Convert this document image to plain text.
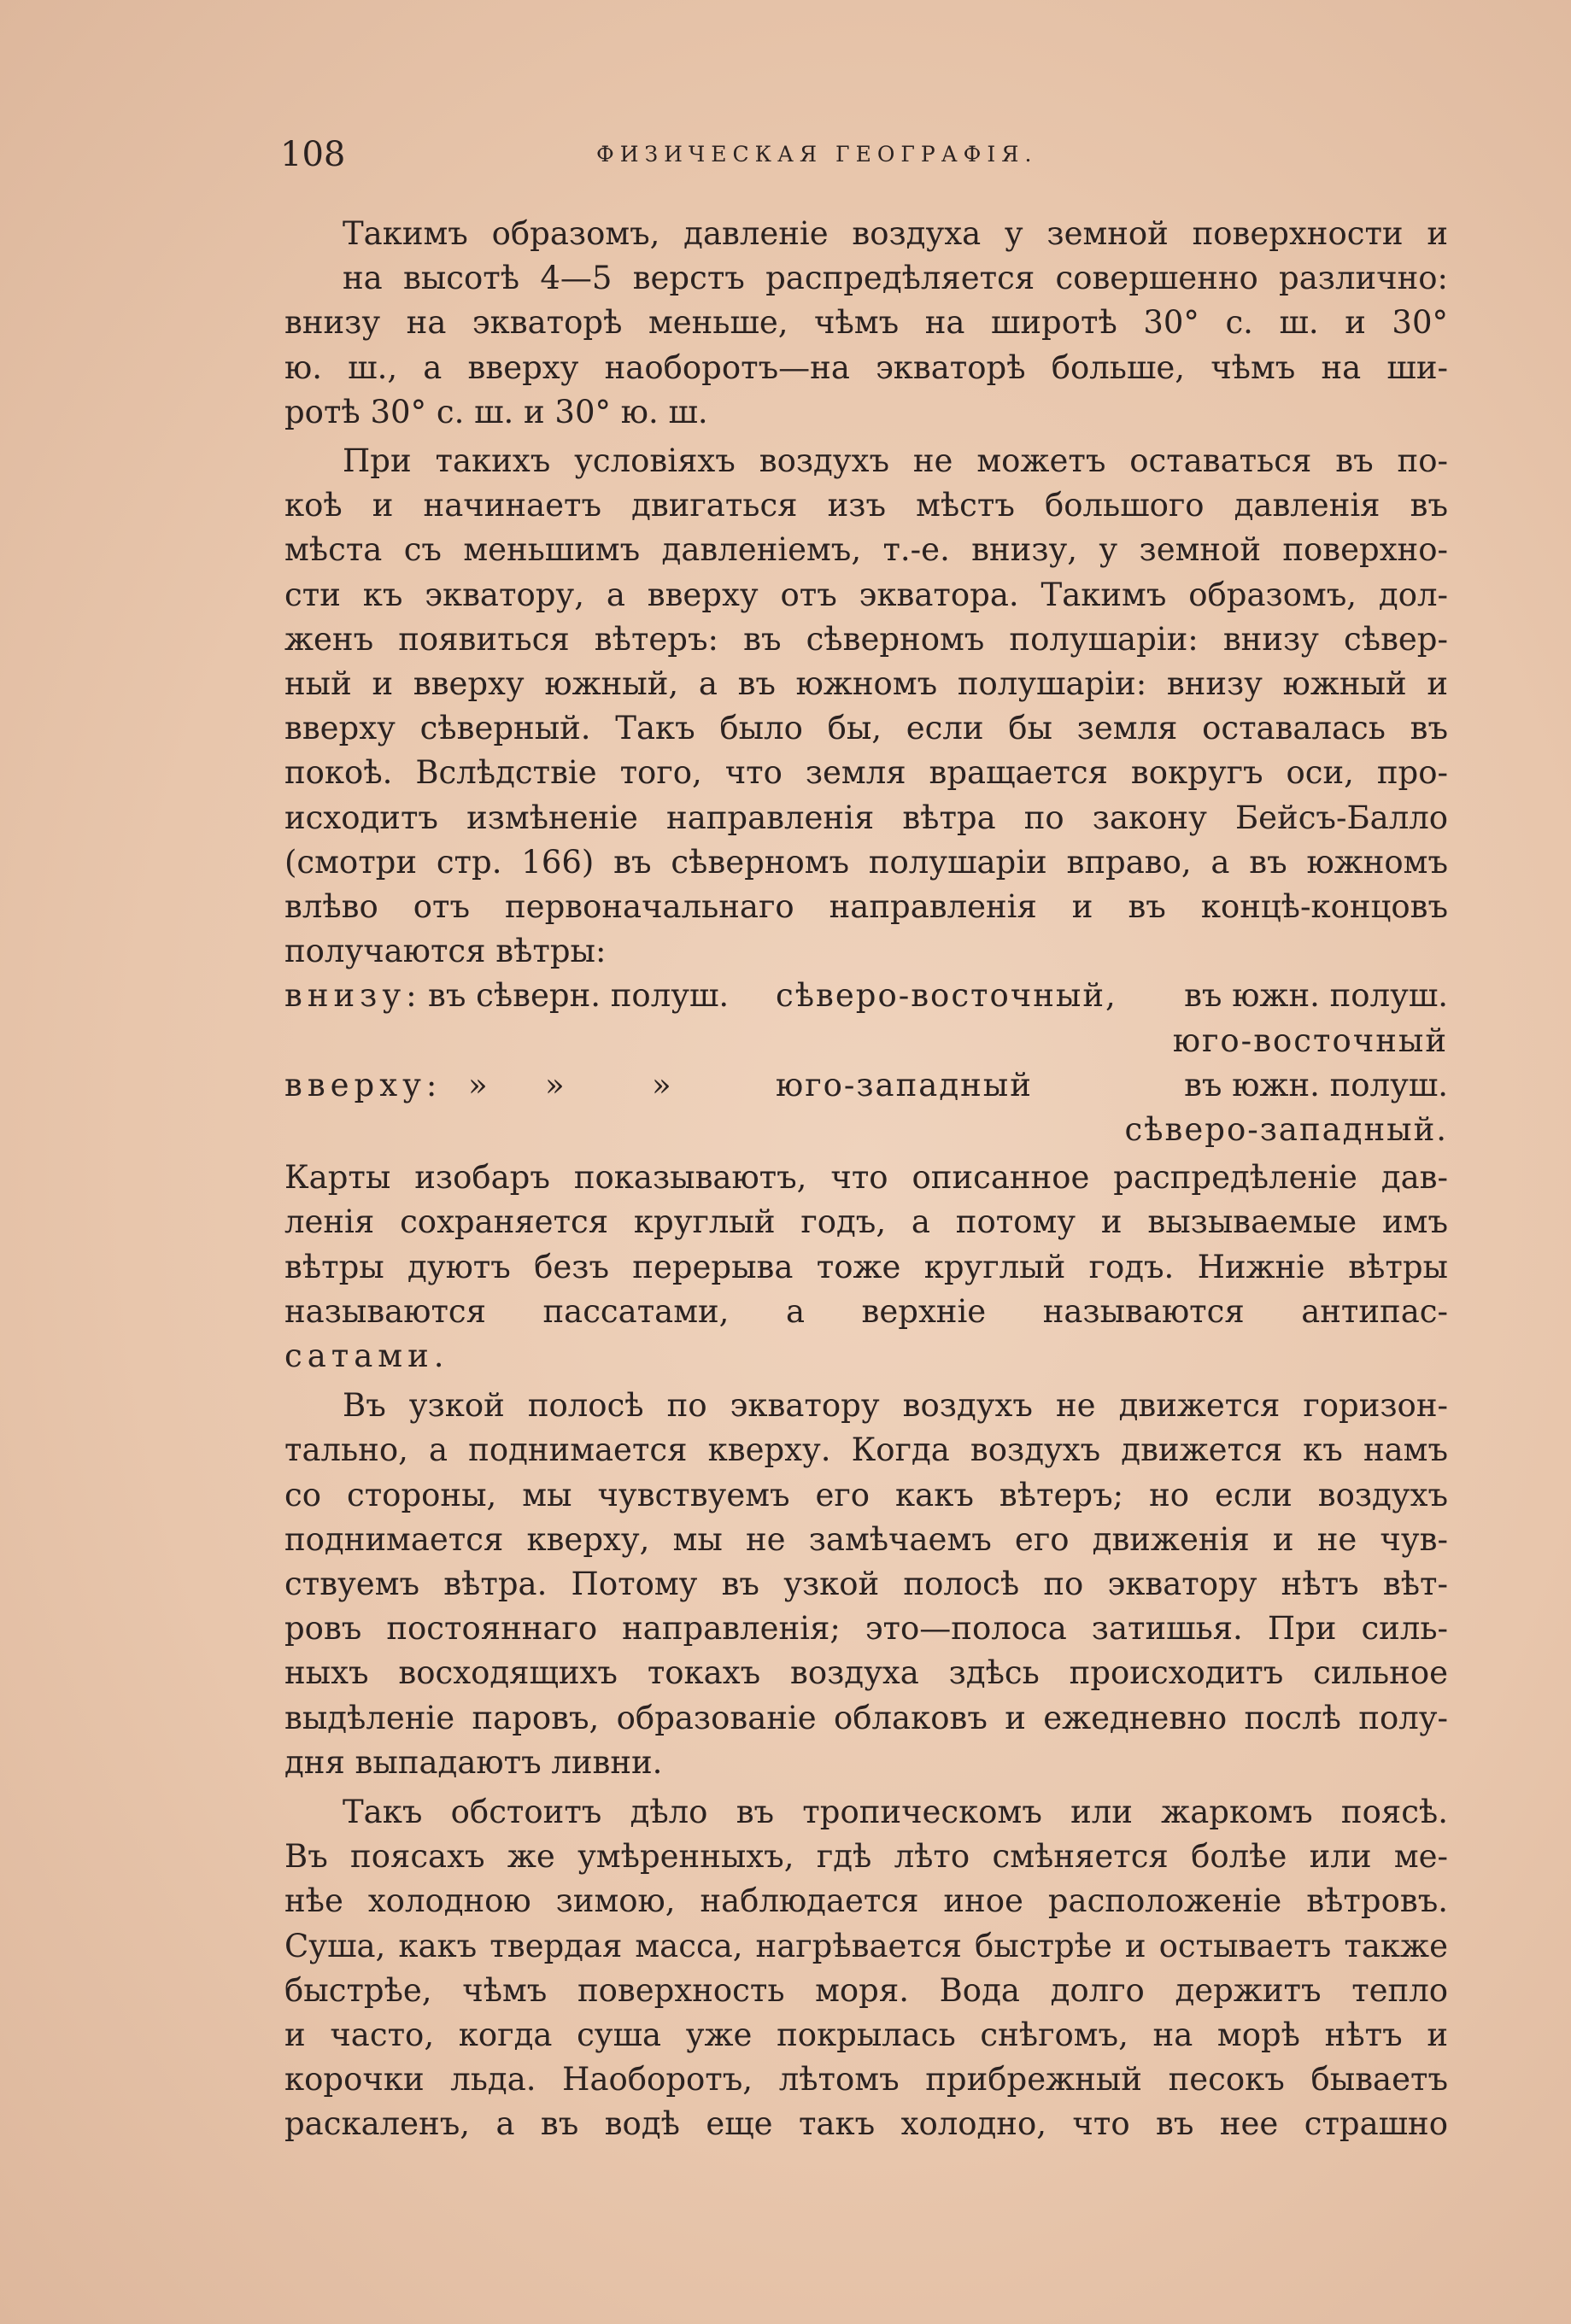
108	ФИЗИЧЕСКАЯ ГЕОГРАФІЯ.

Такимъ образомъ, давленіе воздуха у земной поверхности и
на высотѣ 4—5 верстъ распредѣляется совершенно различно:
внизу на экваторѣ меньше, чѣмъ на широтѣ 30° с. ш. и 30°
ю. ш., а вверху наоборотъ—на экваторѣ больше, чѣмъ на ши-
ротѣ 30° с. ш. и 30° ю. ш.

При такихъ условіяхъ воздухъ не можетъ оставаться въ по-
коѣ и начинаетъ двигаться изъ мѣстъ большого давленія въ
мѣста съ меньшимъ давленіемъ, т.-е. внизу, у земной поверхно-
сти къ экватору, а вверху отъ экватора. Такимъ образомъ, дол-
женъ появиться вѣтеръ: въ сѣверномъ полушаріи: внизу сѣвер-
ный и вверху южный, а въ южномъ полушаріи: внизу южный и
вверху сѣверный. Такъ было бы, если бы земля оставалась въ
покоѣ. Вслѣдствіе того, что земля вращается вокругъ оси, про-
исходитъ измѣненіе направленія вѣтра по закону Бейсъ-Балло
(смотри стр. 166) въ сѣверномъ полушаріи вправо, а въ южномъ
влѣво отъ первоначальнаго направленія и въ концѣ-концовъ
получаются вѣтры:

внизу: въ сѣверн. полуш. сѣверо-восточный, въ южн. полуш.
юго-восточный
вверху: » »	»	юго-западный	въ южн. полуш.
сѣверо-западный.

Карты изобаръ показываютъ, что описанное распредѣленіе дав-
ленія сохраняется круглый годъ, а потому и вызываемые имъ
вѣтры дуютъ безъ перерыва тоже круглый годъ. Нижніе вѣтры
называются пассатами, а верхніе называются антипас-
сатами.

Въ узкой полосѣ по экватору воздухъ не движется горизон-
тально, а поднимается кверху. Когда воздухъ движется къ намъ
со стороны, мы чувствуемъ его какъ вѣтеръ; но если воздухъ
поднимается кверху, мы не замѣчаемъ его движенія и не чув-
ствуемъ вѣтра. Потому въ узкой полосѣ по экватору нѣтъ вѣт-
ровъ постояннаго направленія; это—полоса затишья. При силь-
ныхъ восходящихъ токахъ воздуха здѣсь происходитъ сильное
выдѣленіе паровъ, образованіе облаковъ и ежедневно послѣ полу-
дня выпадаютъ ливни.

Такъ обстоитъ дѣло въ тропическомъ или жаркомъ поясѣ.
Въ поясахъ же умѣренныхъ, гдѣ лѣто смѣняется болѣе или ме-
нѣе холодною зимою, наблюдается иное расположеніе вѣтровъ.
Суша, какъ твердая масса, нагрѣвается быстрѣе и остываетъ также
быстрѣе, чѣмъ поверхность моря. Вода долго держитъ тепло
и часто, когда суша уже покрылась снѣгомъ, на морѣ нѣтъ и
корочки льда. Наоборотъ, лѣтомъ прибрежный песокъ бываетъ
раскаленъ, а въ водѣ еще такъ холодно, что въ нее страшно
